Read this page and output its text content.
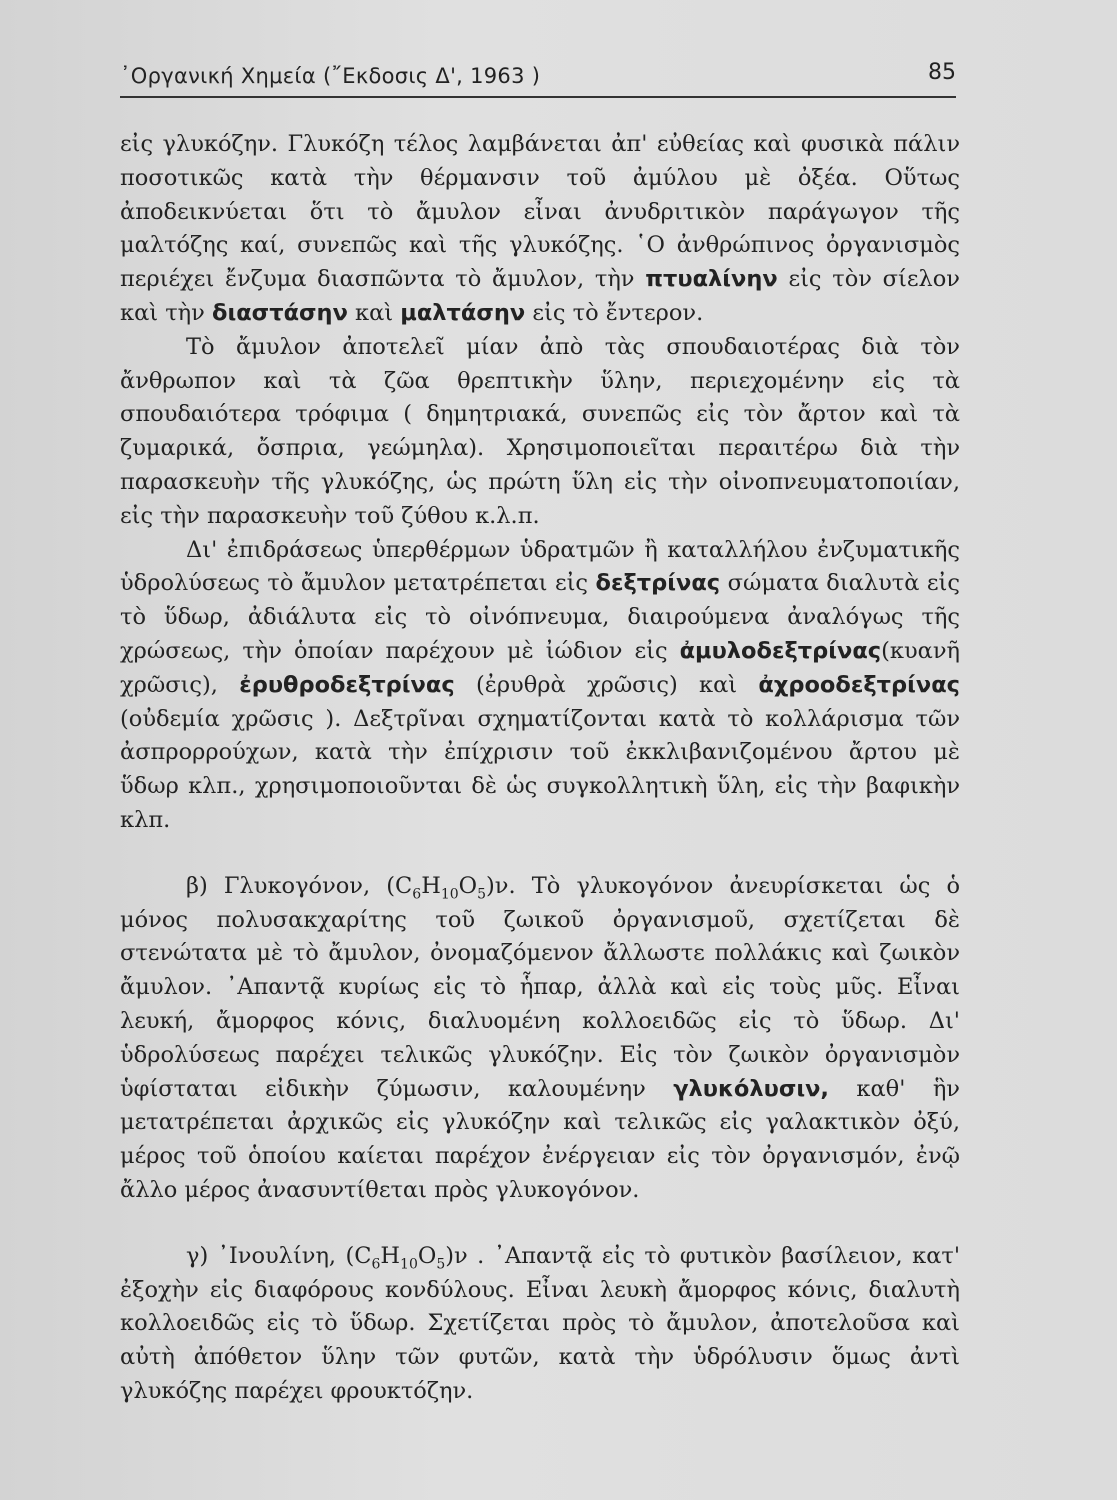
᾿Οργανική Χημεία (῎Εκδοσις Δ', 1963 )	85

εἰς γλυκόζην. Γλυκόζη τέλος λαμβάνεται ἀπ' εὐθείας καὶ φυσικὰ πάλιν ποσοτικῶς κατὰ τὴν θέρμανσιν τοῦ ἀμύλου μὲ ὀξέα. Οὕτως ἀποδεικνύεται ὅτι τὸ ἄμυλον εἶναι ἀνυδριτικὸν παράγωγον τῆς μαλτόζης καί, συνεπῶς καὶ τῆς γλυκόζης. ῾Ο ἀνθρώπινος ὀργανισμὸς περιέχει ἔνζυμα διασπῶντα τὸ ἄμυλον, τὴν πτυαλίνην εἰς τὸν σίελον καὶ τὴν διαστάσην καὶ μαλτάσην εἰς τὸ ἔντερον.

Τὸ ἄμυλον ἀποτελεῖ μίαν ἀπὸ τὰς σπουδαιοτέρας διὰ τὸν ἄνθρωπον καὶ τὰ ζῶα θρεπτικὴν ὕλην, περιεχομένην εἰς τὰ σπουδαιότερα τρόφιμα ( δημητριακά, συνεπῶς εἰς τὸν ἄρτον καὶ τὰ ζυμαρικά, ὄσπρια, γεώμηλα). Χρησιμοποιεῖται περαιτέρω διὰ τὴν παρασκευὴν τῆς γλυκόζης, ὡς πρώτη ὕλη εἰς τὴν οἰνοπνευματοποιίαν, εἰς τὴν παρασκευὴν τοῦ ζύθου κ.λ.π.

Δι' ἐπιδράσεως ὑπερθέρμων ὑδρατμῶν ἢ καταλλήλου ἐνζυματικῆς ὑδρολύσεως τὸ ἄμυλον μετατρέπεται εἰς δεξτρίνας σώματα διαλυτὰ εἰς τὸ ὕδωρ, ἀδιάλυτα εἰς τὸ οἰνόπνευμα, διαιρούμενα ἀναλόγως τῆς χρώσεως, τὴν ὁποίαν παρέχουν μὲ ἰώδιον εἰς ἀμυλοδεξτρίνας(κυανῆ χρῶσις), ἐρυθροδεξτρίνας (ἐρυθρὰ χρῶσις) καὶ ἀχροοδεξτρίνας (οὐδεμία χρῶσις ). Δεξτρῖναι σχηματίζονται κατὰ τὸ κολλάρισμα τῶν ἀσπρορρούχων, κατὰ τὴν ἐπίχρισιν τοῦ ἐκκλιβανιζομένου ἄρτου μὲ ὕδωρ κλπ., χρησιμοποιοῦνται δὲ ὡς συγκολλητικὴ ὕλη, εἰς τὴν βαφικὴν κλπ.

β) Γλυκογόνον, $(C_6H_{10}O_5)\nu$. Τὸ γλυκογόνον ἀνευρίσκεται ὡς ὁ μόνος πολυσακχαρίτης τοῦ ζωικοῦ ὀργανισμοῦ, σχετίζεται δὲ στενώτατα μὲ τὸ ἄμυλον, ὀνομαζόμενον ἄλλωστε πολλάκις καὶ ζωικὸν ἄμυλον. ᾿Απαντᾷ κυρίως εἰς τὸ ἧπαρ, ἀλλὰ καὶ εἰς τοὺς μῦς. Εἶναι λευκή, ἄμορφος κόνις, διαλυομένη κολλοειδῶς εἰς τὸ ὕδωρ. Δι' ὑδρολύσεως παρέχει τελικῶς γλυκόζην. Εἰς τὸν ζωικὸν ὀργανισμὸν ὑφίσταται εἰδικὴν ζύμωσιν, καλουμένην γλυκόλυσιν, καθ' ἣν μετατρέπεται ἀρχικῶς εἰς γλυκόζην καὶ τελικῶς εἰς γαλακτικὸν ὀξύ, μέρος τοῦ ὁποίου καίεται παρέχον ἐνέργειαν εἰς τὸν ὀργανισμόν, ἐνῷ ἄλλο μέρος ἀνασυντίθεται πρὸς γλυκογόνον.

γ) ᾿Ινουλίνη, $(C_6H_{10}O_5)\nu$ . ᾿Απαντᾷ εἰς τὸ φυτικὸν βασίλειον, κατ' ἐξοχὴν εἰς διαφόρους κονδύλους. Εἶναι λευκὴ ἄμορφος κόνις, διαλυτὴ κολλοειδῶς εἰς τὸ ὕδωρ. Σχετίζεται πρὸς τὸ ἄμυλον, ἀποτελοῦσα καὶ αὐτὴ ἀπόθετον ὕλην τῶν φυτῶν, κατὰ τὴν ὑδρόλυσιν ὅμως ἀντὶ γλυκόζης παρέχει φρουκτόζην.
